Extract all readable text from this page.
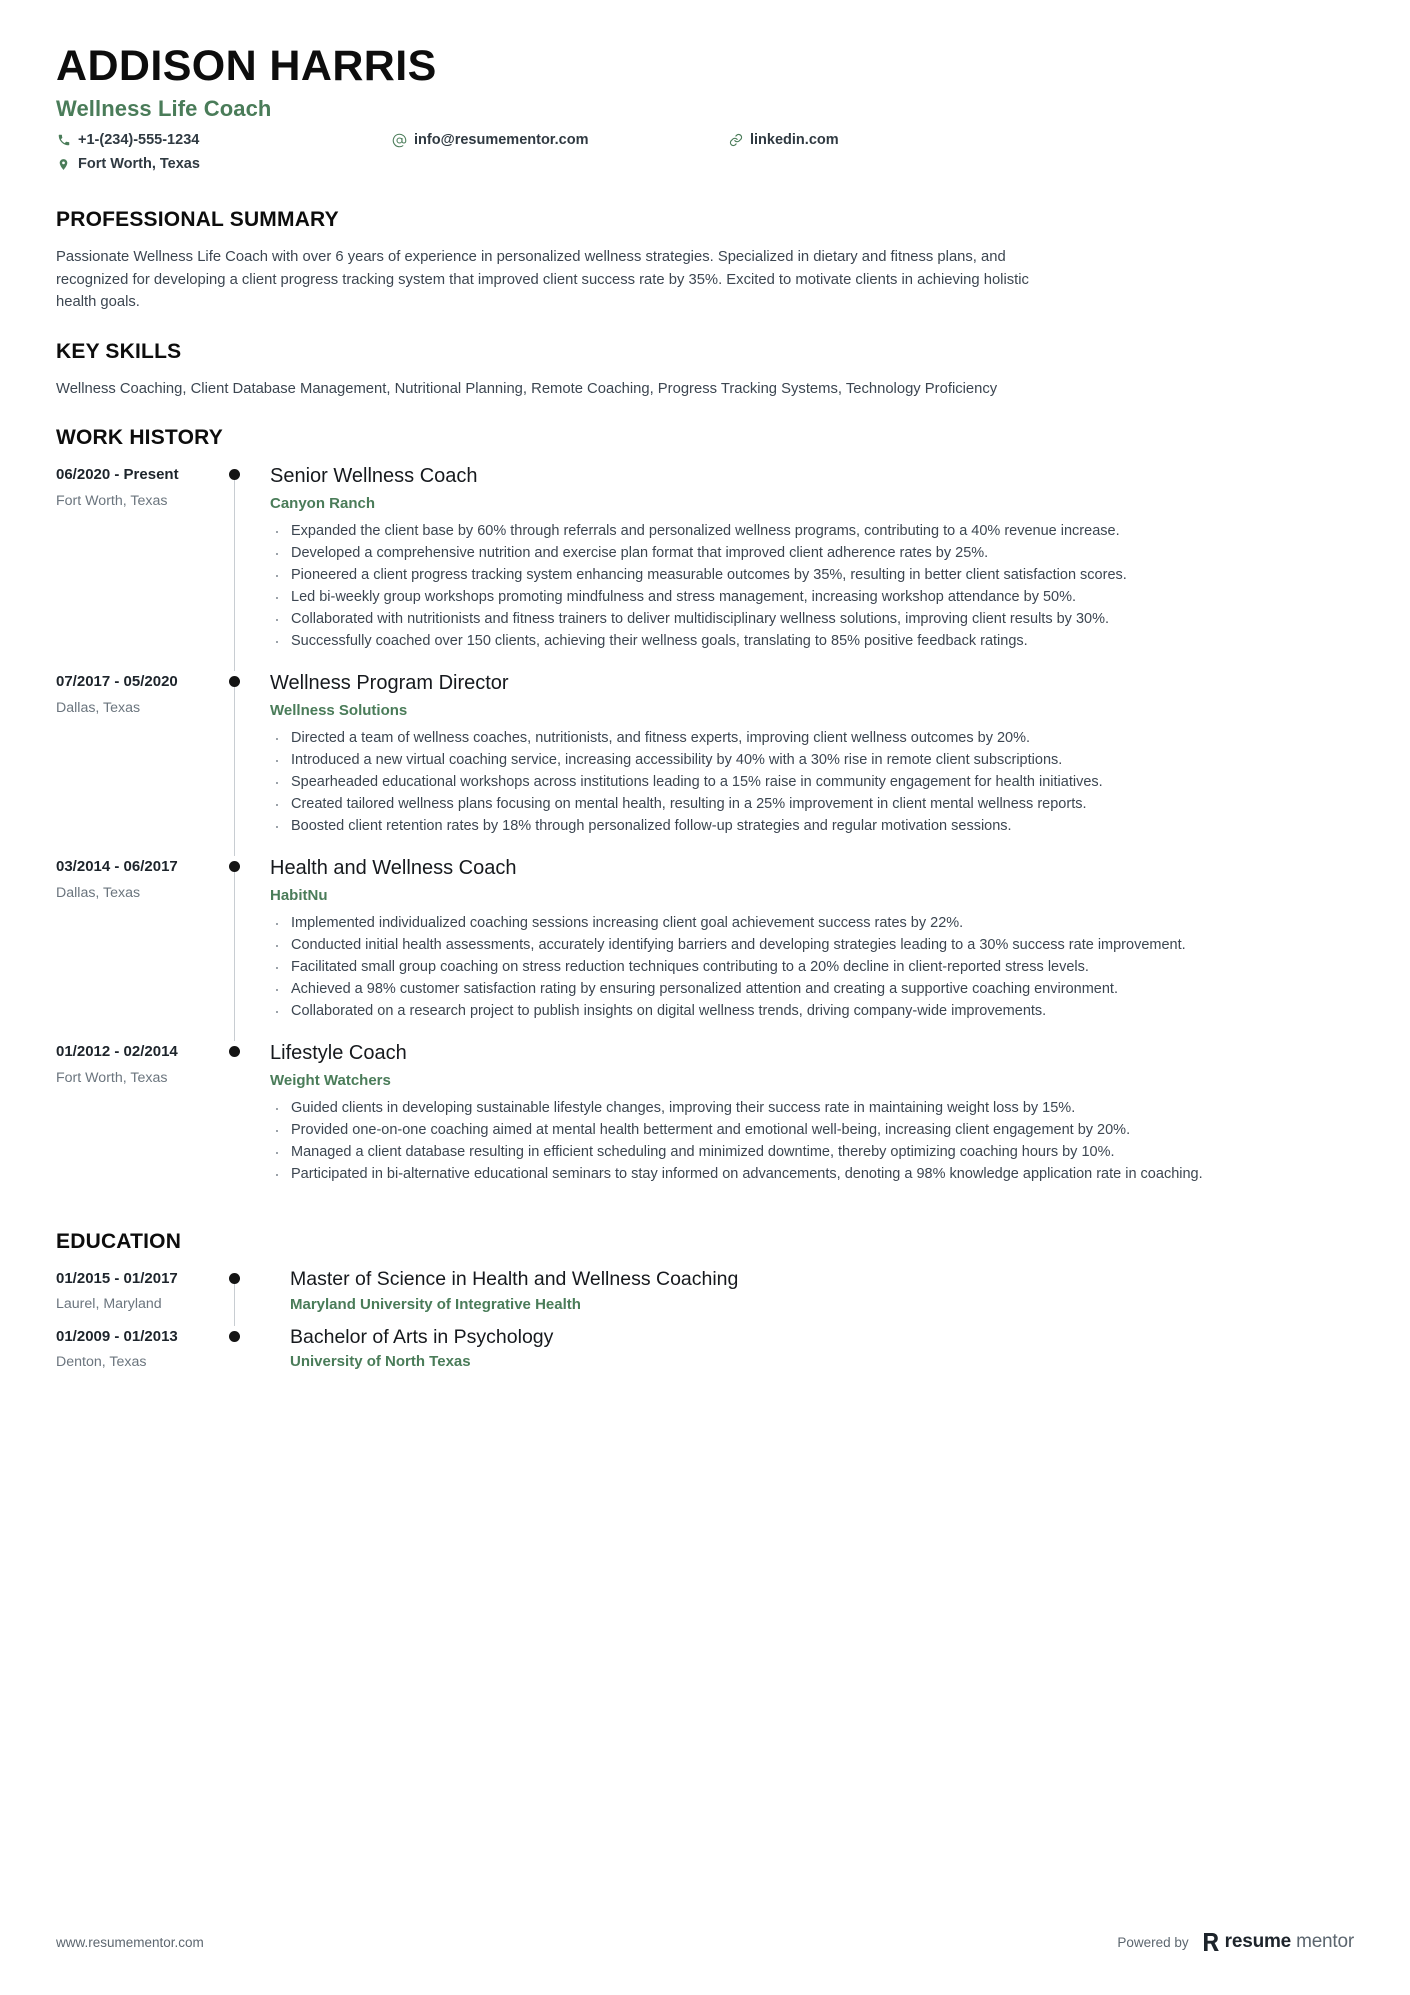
ADDISON HARRIS
Wellness Life Coach
+1-(234)-555-1234	info@resumementor.com	linkedin.com
Fort Worth, Texas
PROFESSIONAL SUMMARY
Passionate Wellness Life Coach with over 6 years of experience in personalized wellness strategies. Specialized in dietary and fitness plans, and recognized for developing a client progress tracking system that improved client success rate by 35%. Excited to motivate clients in achieving holistic health goals.
KEY SKILLS
Wellness Coaching, Client Database Management, Nutritional Planning, Remote Coaching, Progress Tracking Systems, Technology Proficiency
WORK HISTORY
06/2020 - Present
Fort Worth, Texas
Senior Wellness Coach
Canyon Ranch
· Expanded the client base by 60% through referrals and personalized wellness programs, contributing to a 40% revenue increase.
· Developed a comprehensive nutrition and exercise plan format that improved client adherence rates by 25%.
· Pioneered a client progress tracking system enhancing measurable outcomes by 35%, resulting in better client satisfaction scores.
· Led bi-weekly group workshops promoting mindfulness and stress management, increasing workshop attendance by 50%.
· Collaborated with nutritionists and fitness trainers to deliver multidisciplinary wellness solutions, improving client results by 30%.
· Successfully coached over 150 clients, achieving their wellness goals, translating to 85% positive feedback ratings.
07/2017 - 05/2020
Dallas, Texas
Wellness Program Director
Wellness Solutions
· Directed a team of wellness coaches, nutritionists, and fitness experts, improving client wellness outcomes by 20%.
· Introduced a new virtual coaching service, increasing accessibility by 40% with a 30% rise in remote client subscriptions.
· Spearheaded educational workshops across institutions leading to a 15% raise in community engagement for health initiatives.
· Created tailored wellness plans focusing on mental health, resulting in a 25% improvement in client mental wellness reports.
· Boosted client retention rates by 18% through personalized follow-up strategies and regular motivation sessions.
03/2014 - 06/2017
Dallas, Texas
Health and Wellness Coach
HabitNu
· Implemented individualized coaching sessions increasing client goal achievement success rates by 22%.
· Conducted initial health assessments, accurately identifying barriers and developing strategies leading to a 30% success rate improvement.
· Facilitated small group coaching on stress reduction techniques contributing to a 20% decline in client-reported stress levels.
· Achieved a 98% customer satisfaction rating by ensuring personalized attention and creating a supportive coaching environment.
· Collaborated on a research project to publish insights on digital wellness trends, driving company-wide improvements.
01/2012 - 02/2014
Fort Worth, Texas
Lifestyle Coach
Weight Watchers
· Guided clients in developing sustainable lifestyle changes, improving their success rate in maintaining weight loss by 15%.
· Provided one-on-one coaching aimed at mental health betterment and emotional well-being, increasing client engagement by 20%.
· Managed a client database resulting in efficient scheduling and minimized downtime, thereby optimizing coaching hours by 10%.
· Participated in bi-alternative educational seminars to stay informed on advancements, denoting a 98% knowledge application rate in coaching.
EDUCATION
01/2015 - 01/2017
Laurel, Maryland
Master of Science in Health and Wellness Coaching
Maryland University of Integrative Health
01/2009 - 01/2013
Denton, Texas
Bachelor of Arts in Psychology
University of North Texas
www.resumementor.com	Powered by resume mentor
